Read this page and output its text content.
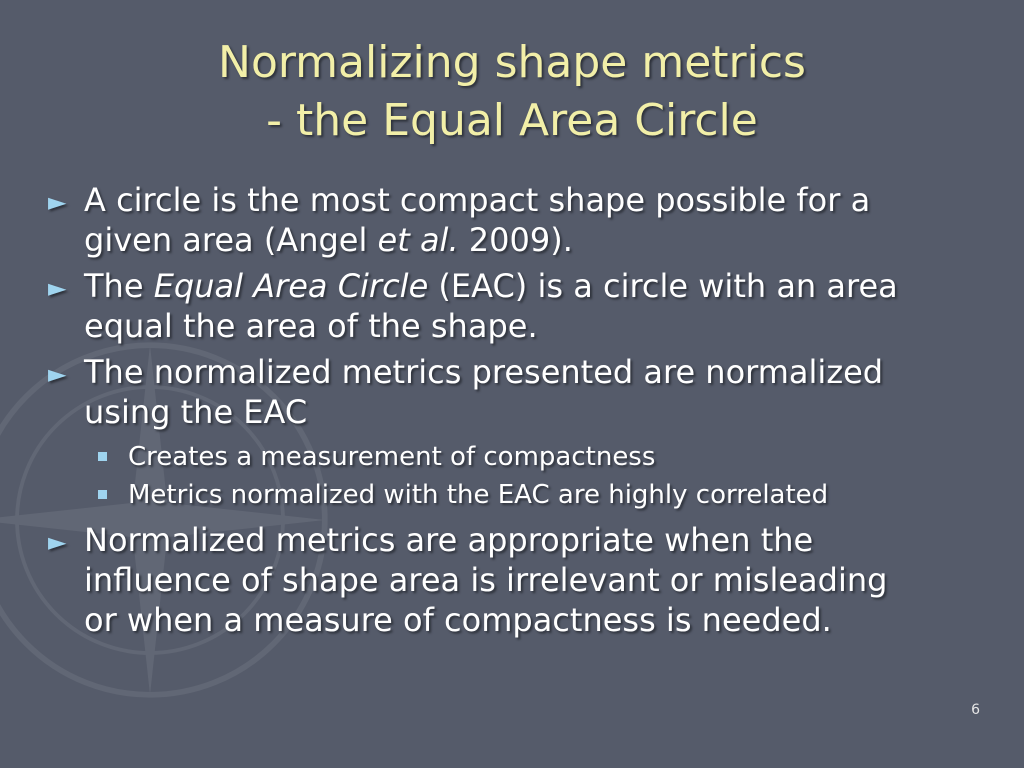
Normalizing shape metrics
- the Equal Area Circle
► A circle is the most compact shape possible for a
given area (Angel et al. 2009).
► The Equal Area Circle (EAC) is a circle with an area
equal the area of the shape.
► The normalized metrics presented are normalized
using the EAC
Creates a measurement of compactness
Metrics normalized with the EAC are highly correlated
► Normalized metrics are appropriate when the
influence of shape area is irrelevant or misleading
or when a measure of compactness is needed.
6
